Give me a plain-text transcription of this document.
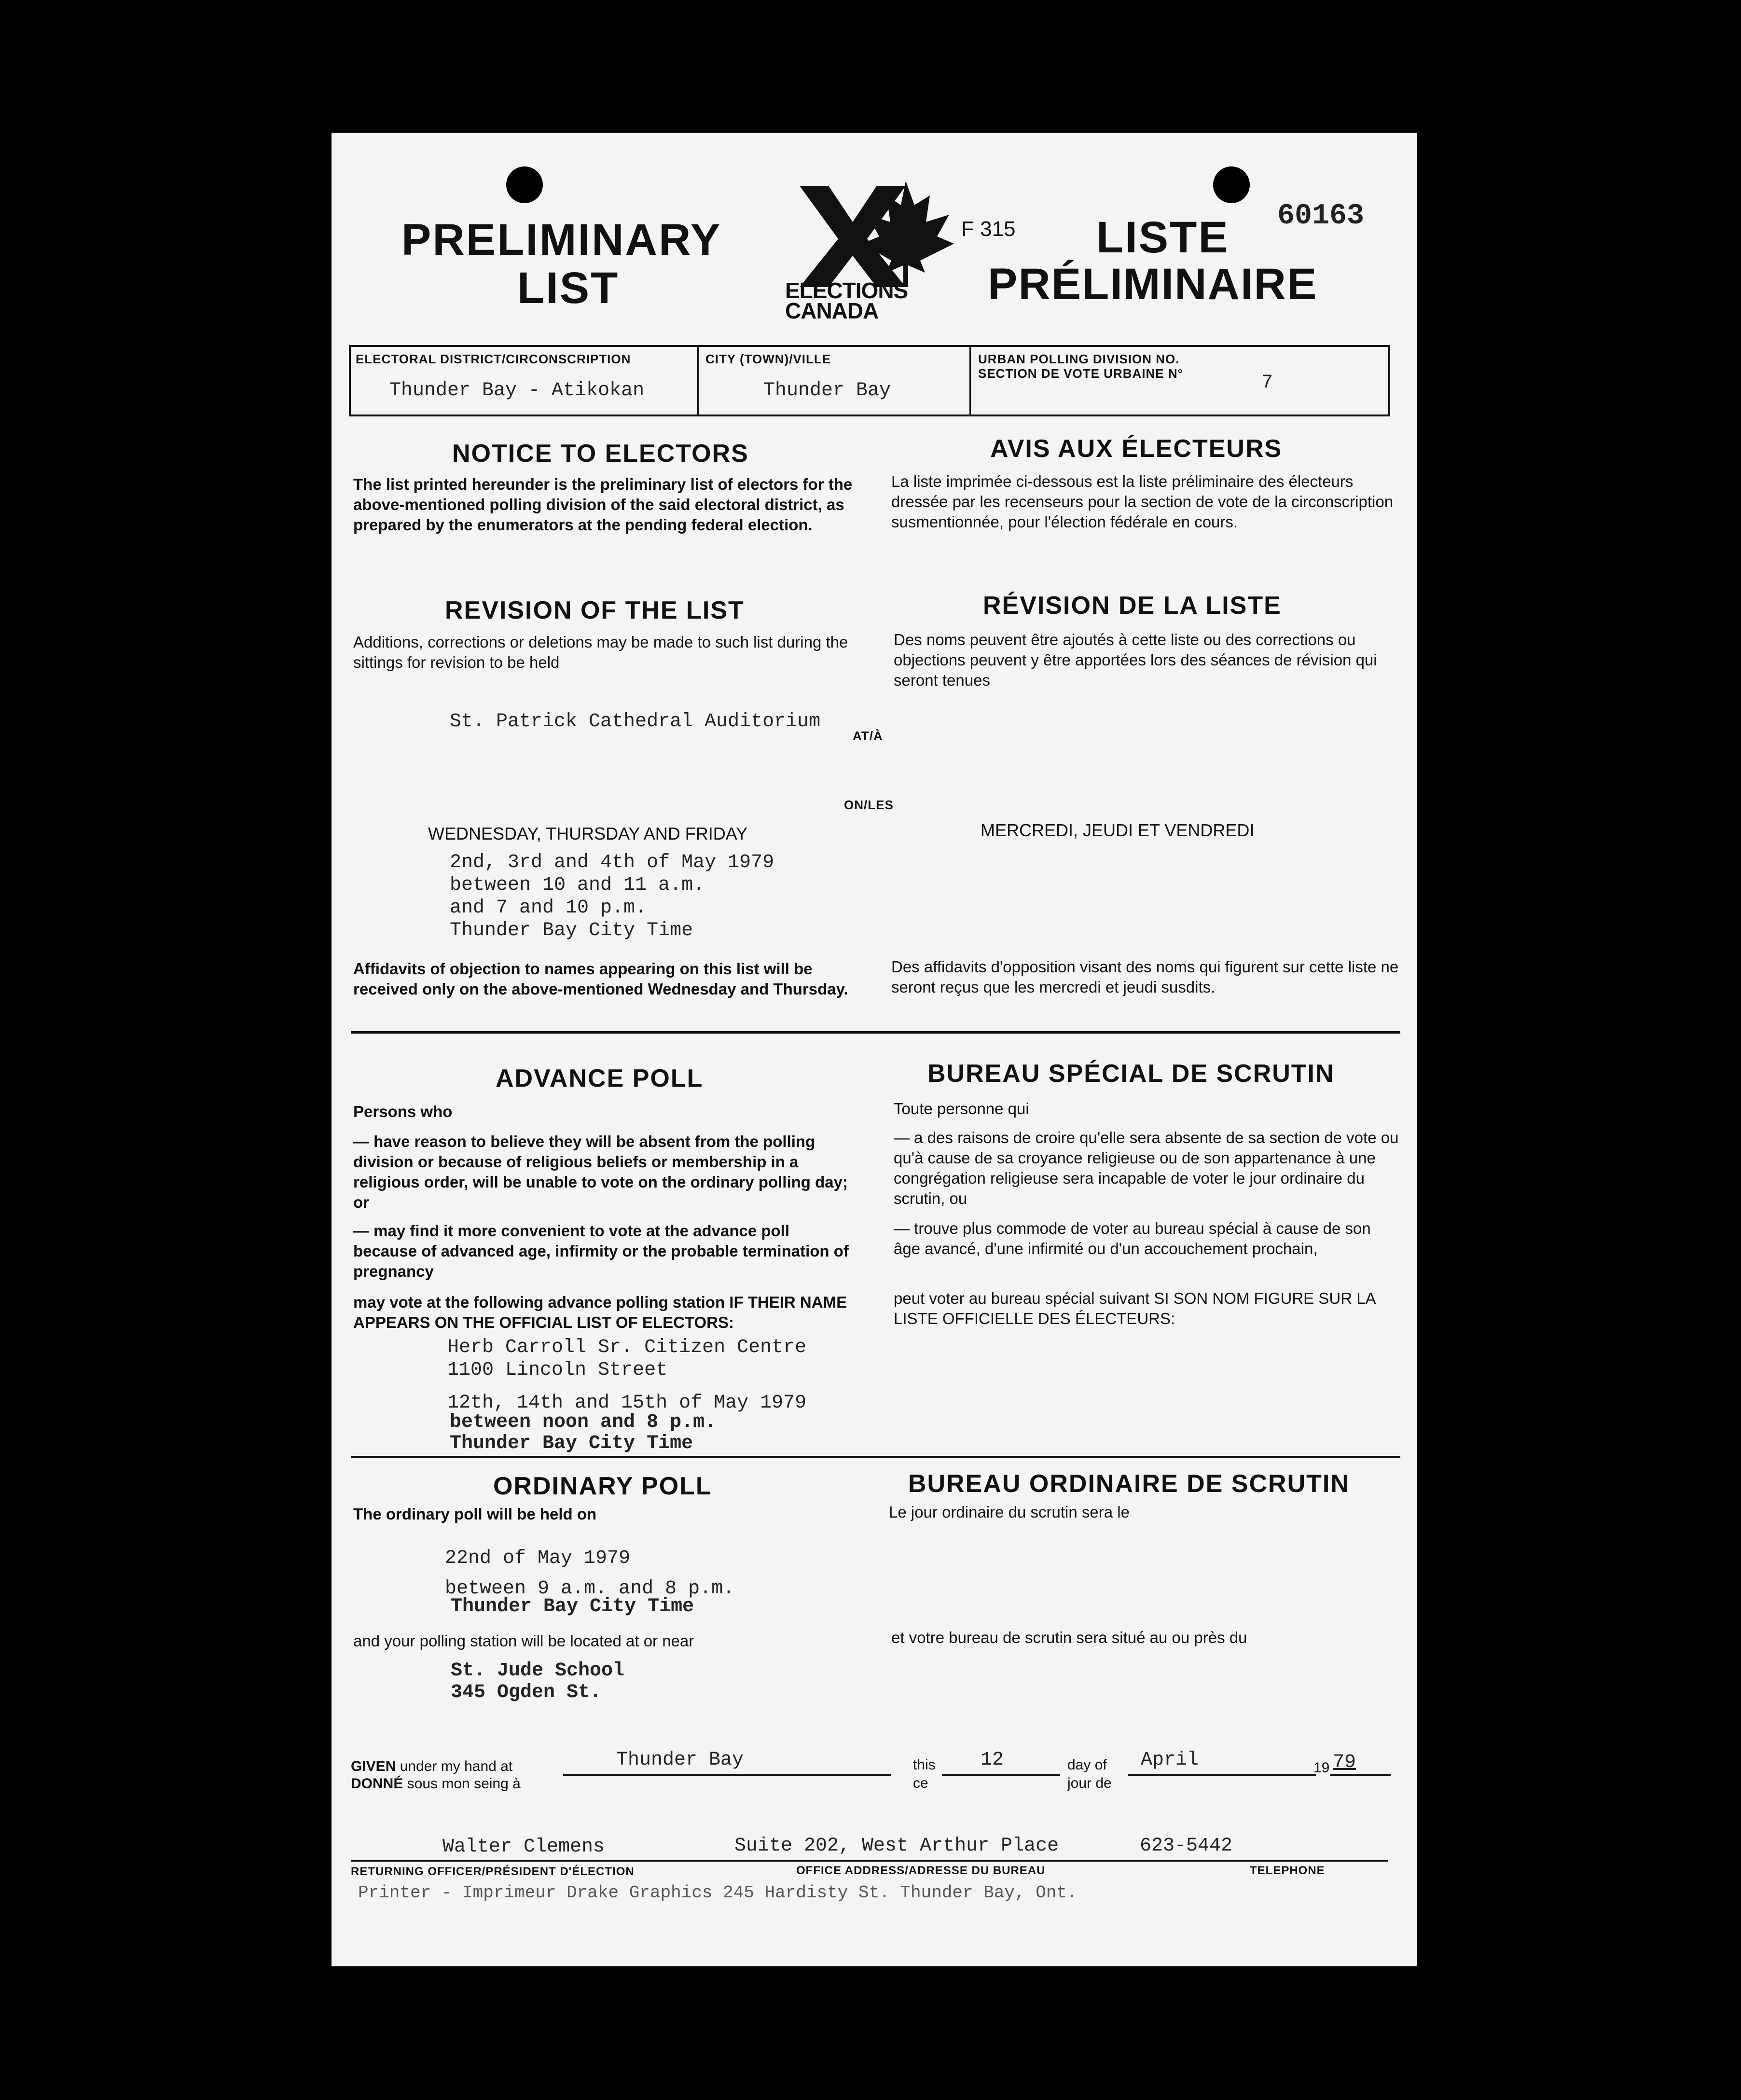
PRELIMINARY
LIST	ELECTIONS
CANADA
F 315	60163
LISTE
PRÉLIMINAIRE
ELECTORAL DISTRICT/CIRCONSCRIPTION
Thunder Bay - Atikokan
CITY (TOWN)/VILLE
Thunder Bay
URBAN POLLING DIVISION NO.
SECTION DE VOTE URBAINE N°	7
NOTICE TO ELECTORS	AVIS AUX ÉLECTEURS
The list printed hereunder is the preliminary list of electors for the above-mentioned polling division of the said electoral district, as prepared by the enumerators at the pending federal election.
La liste imprimée ci-dessous est la liste préliminaire des électeurs dressée par les recenseurs pour la section de vote de la circonscription susmentionnée, pour l'élection fédérale en cours.
REVISION OF THE LIST	RÉVISION DE LA LISTE
Additions, corrections or deletions may be made to such list during the sittings for revision to be held
Des noms peuvent être ajoutés à cette liste ou des corrections ou objections peuvent y être apportées lors des séances de révision qui seront tenues
St. Patrick Cathedral Auditorium
AT/À
ON/LES
WEDNESDAY, THURSDAY AND FRIDAY	MERCREDI, JEUDI ET VENDREDI
2nd, 3rd and 4th of May 1979
between 10 and 11 a.m.
and 7 and 10 p.m.
Thunder Bay City Time
Affidavits of objection to names appearing on this list will be received only on the above-mentioned Wednesday and Thursday.
Des affidavits d'opposition visant des noms qui figurent sur cette liste ne seront reçus que les mercredi et jeudi susdits.
ADVANCE POLL	BUREAU SPÉCIAL DE SCRUTIN
Persons who	Toute personne qui
— have reason to believe they will be absent from the polling division or because of religious beliefs or membership in a religious order, will be unable to vote on the ordinary polling day; or
— may find it more convenient to vote at the advance poll because of advanced age, infirmity or the probable termination of pregnancy
— a des raisons de croire qu'elle sera absente de sa section de vote ou qu'à cause de sa croyance religieuse ou de son appartenance à une congrégation religieuse sera incapable de voter le jour ordinaire du scrutin, ou
— trouve plus commode de voter au bureau spécial à cause de son âge avancé, d'une infirmité ou d'un accouchement prochain,
may vote at the following advance polling station IF THEIR NAME APPEARS ON THE OFFICIAL LIST OF ELECTORS:
peut voter au bureau spécial suivant SI SON NOM FIGURE SUR LA LISTE OFFICIELLE DES ÉLECTEURS:
Herb Carroll Sr. Citizen Centre
1100 Lincoln Street
12th, 14th and 15th of May 1979
between noon and 8 p.m.
Thunder Bay City Time
ORDINARY POLL	BUREAU ORDINAIRE DE SCRUTIN
The ordinary poll will be held on	Le jour ordinaire du scrutin sera le
22nd of May 1979
between 9 a.m. and 8 p.m.
Thunder Bay City Time
and your polling station will be located at or near	et votre bureau de scrutin sera situé au ou près du
St. Jude School
345 Ogden St.
GIVEN under my hand at
DONNÉ sous mon seing à
Thunder Bay	this
ce
12	day of
jour de
April	19 79
Walter Clemens	Suite 202, West Arthur Place	623-5442
RETURNING OFFICER/PRÉSIDENT D'ÉLECTION	OFFICE ADDRESS/ADRESSE DU BUREAU	TELEPHONE
Printer - Imprimeur Drake Graphics 245 Hardisty St. Thunder Bay, Ont.
